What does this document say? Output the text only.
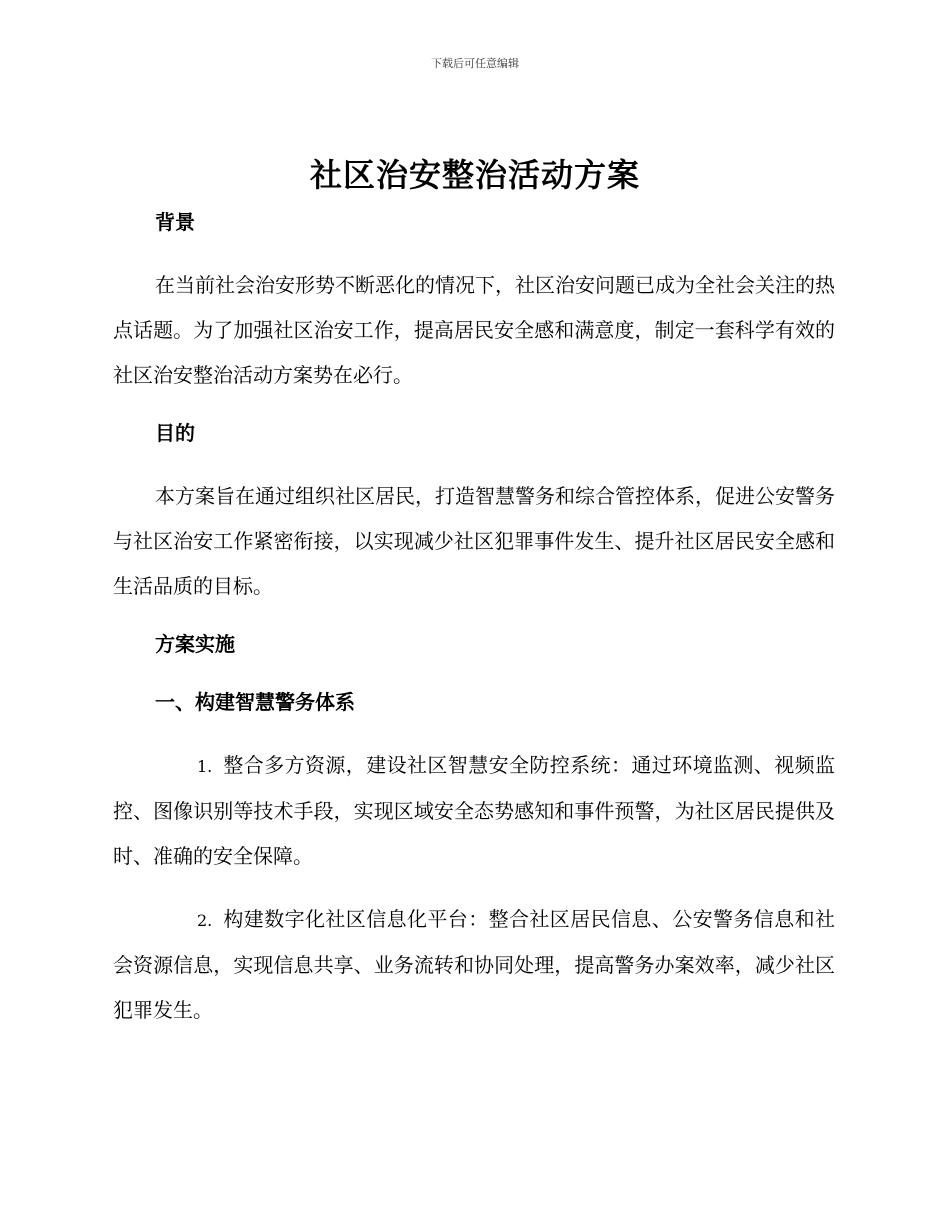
下载后可任意编辑
社区治安整治活动方案
背景
在当前社会治安形势不断恶化的情况下，社区治安问题已成为全社会关注的热点话题。为了加强社区治安工作，提高居民安全感和满意度，制定一套科学有效的社区治安整治活动方案势在必行。
目的
本方案旨在通过组织社区居民，打造智慧警务和综合管控体系，促进公安警务与社区治安工作紧密衔接，以实现减少社区犯罪事件发生、提升社区居民安全感和生活品质的目标。
方案实施
一、构建智慧警务体系
1. 整合多方资源，建设社区智慧安全防控系统：通过环境监测、视频监控、图像识别等技术手段，实现区域安全态势感知和事件预警，为社区居民提供及时、准确的安全保障。
2. 构建数字化社区信息化平台：整合社区居民信息、公安警务信息和社会资源信息，实现信息共享、业务流转和协同处理，提高警务办案效率，减少社区犯罪发生。
